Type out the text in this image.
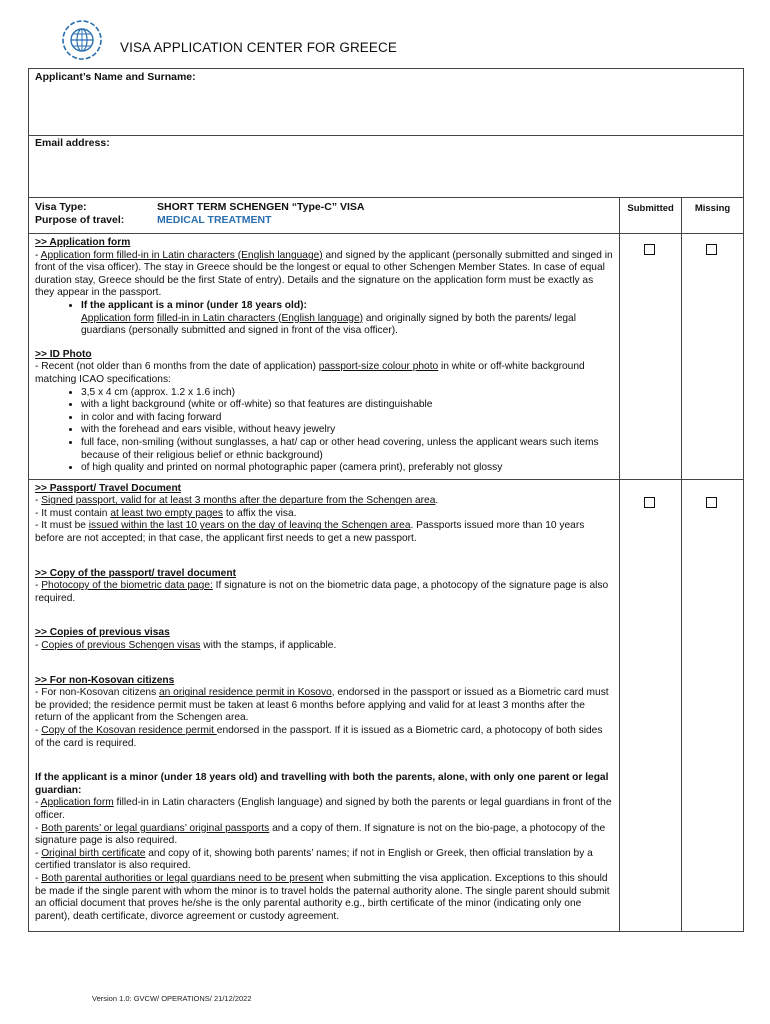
VISA APPLICATION CENTER FOR GREECE
Applicant’s Name and Surname:
Email address:
Visa Type:	SHORT TERM SCHENGEN “Type-C” VISA
Purpose of travel:	MEDICAL TREATMENT
Submitted	Missing

>> Application form

- Application form filled-in in Latin characters (English language) and signed by the applicant (personally submitted and singed in front of the visa officer). The stay in Greece should be the longest or equal to other Schengen Member States. In case of equal duration stay, Greece should be the first State of entry). Details and the signature on the application form must be exactly as they appear in the passport.

• If the applicant is a minor (under 18 years old):

Application form filled-in in Latin characters (English language) and originally signed by both the parents/ legal guardians (personally submitted and signed in front of the visa officer).

>> ID Photo

- Recent (not older than 6 months from the date of application) passport-size colour photo in white or off-white background matching ICAO specifications:

• 3,5 x 4 cm (approx. 1.2 x 1.6 inch)
• with a light background (white or off-white) so that features are distinguishable
• in color and with facing forward
• with the forehead and ears visible, without heavy jewelry
• full face, non-smiling (without sunglasses, a hat/ cap or other head covering, unless the applicant wears such items because of their religious belief or ethnic background)
• of high quality and printed on normal photographic paper (camera print), preferably not glossy

>> Passport/ Travel Document

- Signed passport, valid for at least 3 months after the departure from the Schengen area.

- It must contain at least two empty pages to affix the visa.

- It must be issued within the last 10 years on the day of leaving the Schengen area. Passports issued more than 10 years before are not accepted; in that case, the applicant first needs to get a new passport.

>> Copy of the passport/ travel document

- Photocopy of the biometric data page: If signature is not on the biometric data page, a photocopy of the signature page is also required.

>> Copies of previous visas

- Copies of previous Schengen visas with the stamps, if applicable.

>> For non-Kosovan citizens

- For non-Kosovan citizens an original residence permit in Kosovo, endorsed in the passport or issued as a Biometric card must be provided; the residence permit must be taken at least 6 months before applying and valid for at least 3 months after the return of the applicant from the Schengen area.

- Copy of the Kosovan residence permit endorsed in the passport. If it is issued as a Biometric card, a photocopy of both sides of the card is required.

If the applicant is a minor (under 18 years old) and travelling with both the parents, alone, with only one parent or legal guardian:

- Application form filled-in in Latin characters (English language) and signed by both the parents or legal guardians in front of the officer.

- Both parents’ or legal guardians’ original passports and a copy of them. If signature is not on the bio-page, a photocopy of the signature page is also required.

- Original birth certificate and copy of it, showing both parents’ names; if not in English or Greek, then official translation by a certified translator is also required.

- Both parental authorities or legal guardians need to be present when submitting the visa application. Exceptions to this should be made if the single parent with whom the minor is to travel holds the paternal authority alone. The single parent should submit an official document that proves he/she is the only parental authority e.g., birth certificate of the minor (indicating only one parent), death certificate, divorce agreement or custody agreement.

Version 1.0: GVCW/ OPERATIONS/ 21/12/2022
